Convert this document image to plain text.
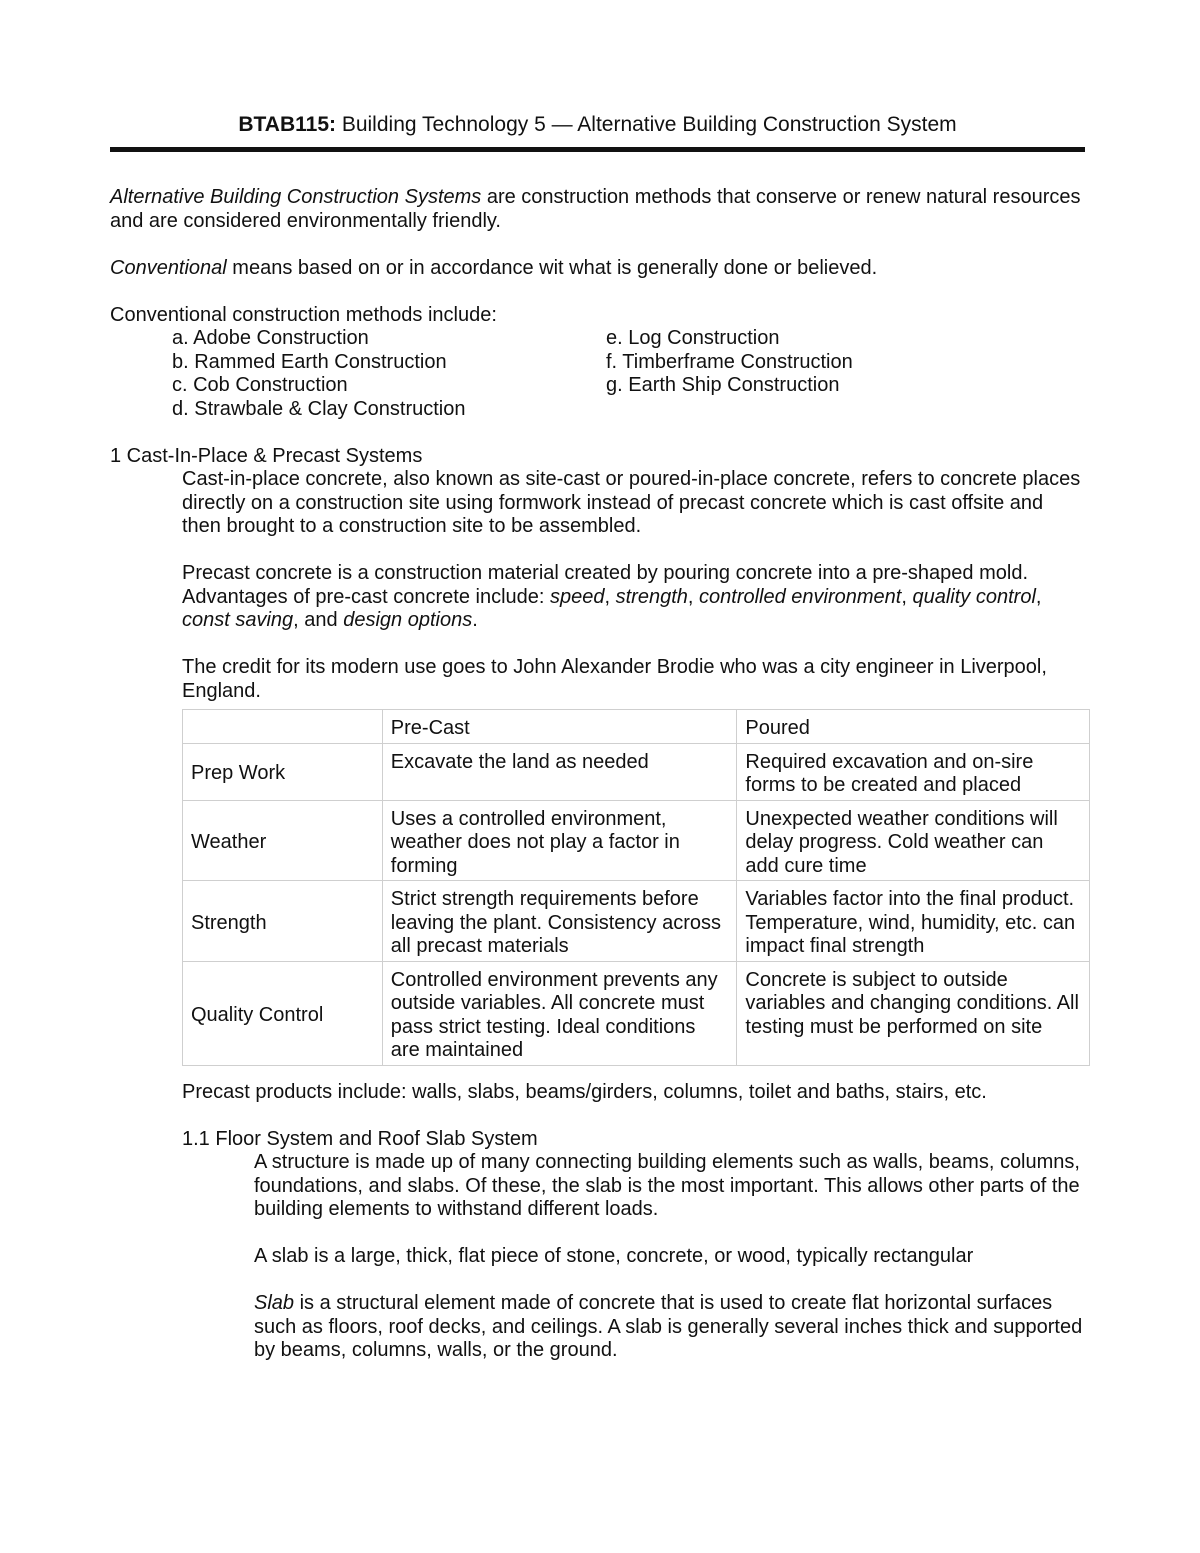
BTAB115: Building Technology 5 — Alternative Building Construction System

Alternative Building Construction Systems are construction methods that conserve or renew natural resources and are considered environmentally friendly.

Conventional means based on or in accordance wit what is generally done or believed.

Conventional construction methods include:

a. Adobe Construction
b. Rammed Earth Construction
c. Cob Construction
d. Strawbale & Clay Construction
e. Log Construction
f. Timberframe Construction
g. Earth Ship Construction

1 Cast-In-Place & Precast Systems

Cast-in-place concrete, also known as site-cast or poured-in-place concrete, refers to concrete places directly on a construction site using formwork instead of precast concrete which is cast offsite and then brought to a construction site to be assembled.

Precast concrete is a construction material created by pouring concrete into a pre-shaped mold. Advantages of pre-cast concrete include: speed, strength, controlled environment, quality control, const saving, and design options.

The credit for its modern use goes to John Alexander Brodie who was a city engineer in Liverpool, England.

	Pre-Cast	Poured
Prep Work	Excavate the land as needed	Required excavation and on-sire forms to be created and placed
Weather	Uses a controlled environment, weather does not play a factor in forming	Unexpected weather conditions will delay progress. Cold weather can add cure time
Strength	Strict strength requirements before leaving the plant. Consistency across all precast materials	Variables factor into the final product. Temperature, wind, humidity, etc. can impact final strength
Quality Control	Controlled environment prevents any outside variables. All concrete must pass strict testing. Ideal conditions are maintained	Concrete is subject to outside variables and changing conditions. All testing must be performed on site

Precast products include: walls, slabs, beams/girders, columns, toilet and baths, stairs, etc.

1.1 Floor System and Roof Slab System

A structure is made up of many connecting building elements such as walls, beams, columns, foundations, and slabs. Of these, the slab is the most important. This allows other parts of the building elements to withstand different loads.

A slab is a large, thick, flat piece of stone, concrete, or wood, typically rectangular

Slab is a structural element made of concrete that is used to create flat horizontal surfaces such as floors, roof decks, and ceilings. A slab is generally several inches thick and supported by beams, columns, walls, or the ground.
